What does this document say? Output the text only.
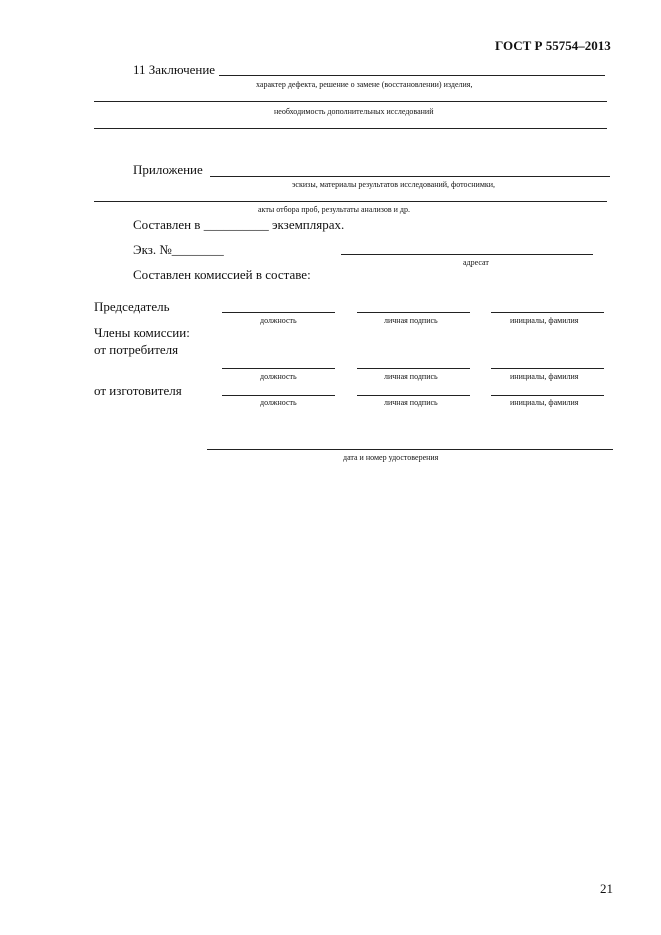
ГОСТ Р 55754–2013
11 Заключение
характер дефекта, решение о замене (восстановлении) изделия,
необходимость дополнительных исследований
Приложение
эскизы, материалы результатов исследований, фотоснимки,
акты отбора проб, результаты анализов и др.
Составлен в __________ экземплярах.
Экз. №________
адресат
Составлен комиссией в составе:
Председатель
должность	личная подпись	инициалы, фамилия
Члены комиссии:
от потребителя
должность	личная подпись	инициалы, фамилия
от изготовителя
должность	личная подпись	инициалы, фамилия
дата и номер удостоверения
21
